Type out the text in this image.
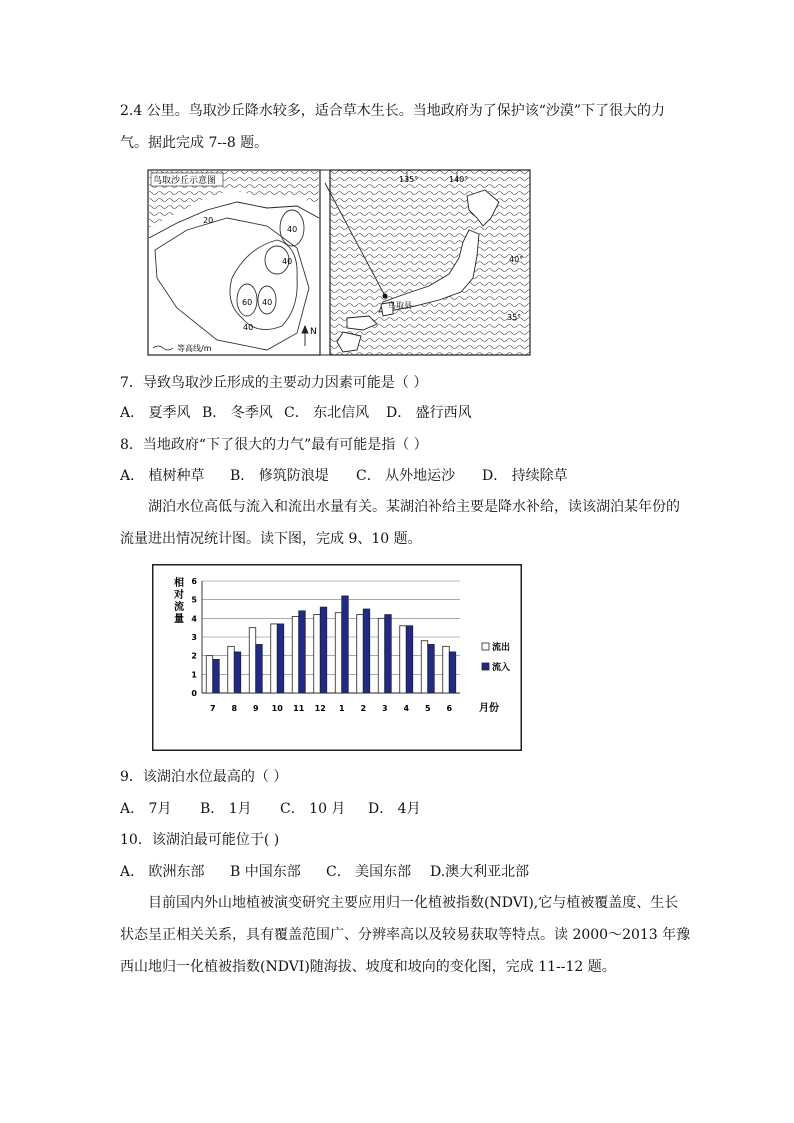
2.4 公里。鸟取沙丘降水较多，适合草木生长。当地政府为了保护该“沙漠”下了很大的力
气。据此完成 7--8 题。
鸟取沙丘示意图
20
40
40
60 40
40
等高线/m
N
鸟取县
135°	140°
40°
35°
7．导致鸟取沙丘形成的主要动力因素可能是（ ）
A． 夏季风 B． 冬季风 C． 东北信风 D． 盛行西风
8．当地政府“下了很大的力气”最有可能是指（ ）
A． 植树种草 B． 修筑防浪堤 C． 从外地运沙 D． 持续除草
湖泊水位高低与流入和流出水量有关。某湖泊补给主要是降水补给，读该湖泊某年份的
流量进出情况统计图。读下图，完成 9、10 题。
0
1
2
3
4
5
6
7 8 9 10 11 12 1 2 3 4 5 6
相对流量
月份
流出
流入
9．该湖泊水位最高的（ ）
A． 7月 B． 1月 C． 10 月 D． 4月
10．该湖泊最可能位于( )
A． 欧洲东部 B 中国东部 C． 美国东部 D.澳大利亚北部
目前国内外山地植被演变研究主要应用归一化植被指数(NDVI),它与植被覆盖度、生长
状态呈正相关关系，具有覆盖范围广、分辨率高以及较易获取等特点。读 2000～2013 年豫
西山地归一化植被指数(NDVI)随海拔、坡度和坡向的变化图，完成 11--12 题。
